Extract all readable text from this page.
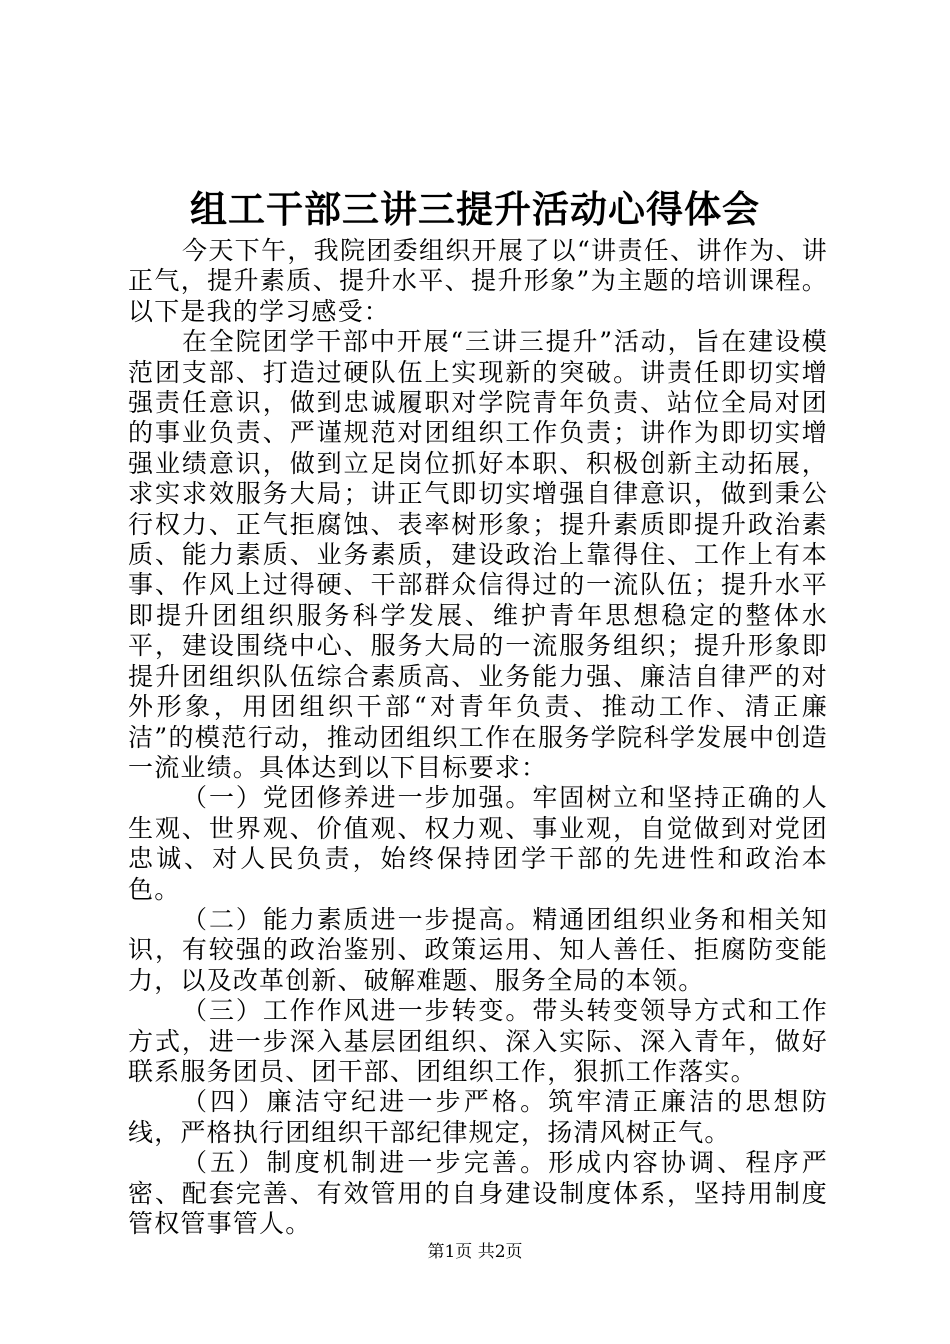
组工干部三讲三提升活动心得体会

今天下午，我院团委组织开展了以“讲责任、讲作为、讲正气，提升素质、提升水平、提升形象”为主题的培训课程。以下是我的学习感受：

在全院团学干部中开展“三讲三提升”活动，旨在建设模范团支部、打造过硬队伍上实现新的突破。讲责任即切实增强责任意识，做到忠诚履职对学院青年负责、站位全局对团的事业负责、严谨规范对团组织工作负责；讲作为即切实增强业绩意识，做到立足岗位抓好本职、积极创新主动拓展，求实求效服务大局；讲正气即切实增强自律意识，做到秉公行权力、正气拒腐蚀、表率树形象；提升素质即提升政治素质、能力素质、业务素质，建设政治上靠得住、工作上有本事、作风上过得硬、干部群众信得过的一流队伍；提升水平即提升团组织服务科学发展、维护青年思想稳定的整体水平，建设围绕中心、服务大局的一流服务组织；提升形象即提升团组织队伍综合素质高、业务能力强、廉洁自律严的对外形象，用团组织干部“对青年负责、推动工作、清正廉洁”的模范行动，推动团组织工作在服务学院科学发展中创造一流业绩。具体达到以下目标要求：

（一）党团修养进一步加强。牢固树立和坚持正确的人生观、世界观、价值观、权力观、事业观，自觉做到对党团忠诚、对人民负责，始终保持团学干部的先进性和政治本色。

（二）能力素质进一步提高。精通团组织业务和相关知识，有较强的政治鉴别、政策运用、知人善任、拒腐防变能力，以及改革创新、破解难题、服务全局的本领。

（三）工作作风进一步转变。带头转变领导方式和工作方式，进一步深入基层团组织、深入实际、深入青年，做好联系服务团员、团干部、团组织工作，狠抓工作落实。

（四）廉洁守纪进一步严格。筑牢清正廉洁的思想防线，严格执行团组织干部纪律规定，扬清风树正气。

（五）制度机制进一步完善。形成内容协调、程序严密、配套完善、有效管用的自身建设制度体系，坚持用制度管权管事管人。

第1页 共2页
